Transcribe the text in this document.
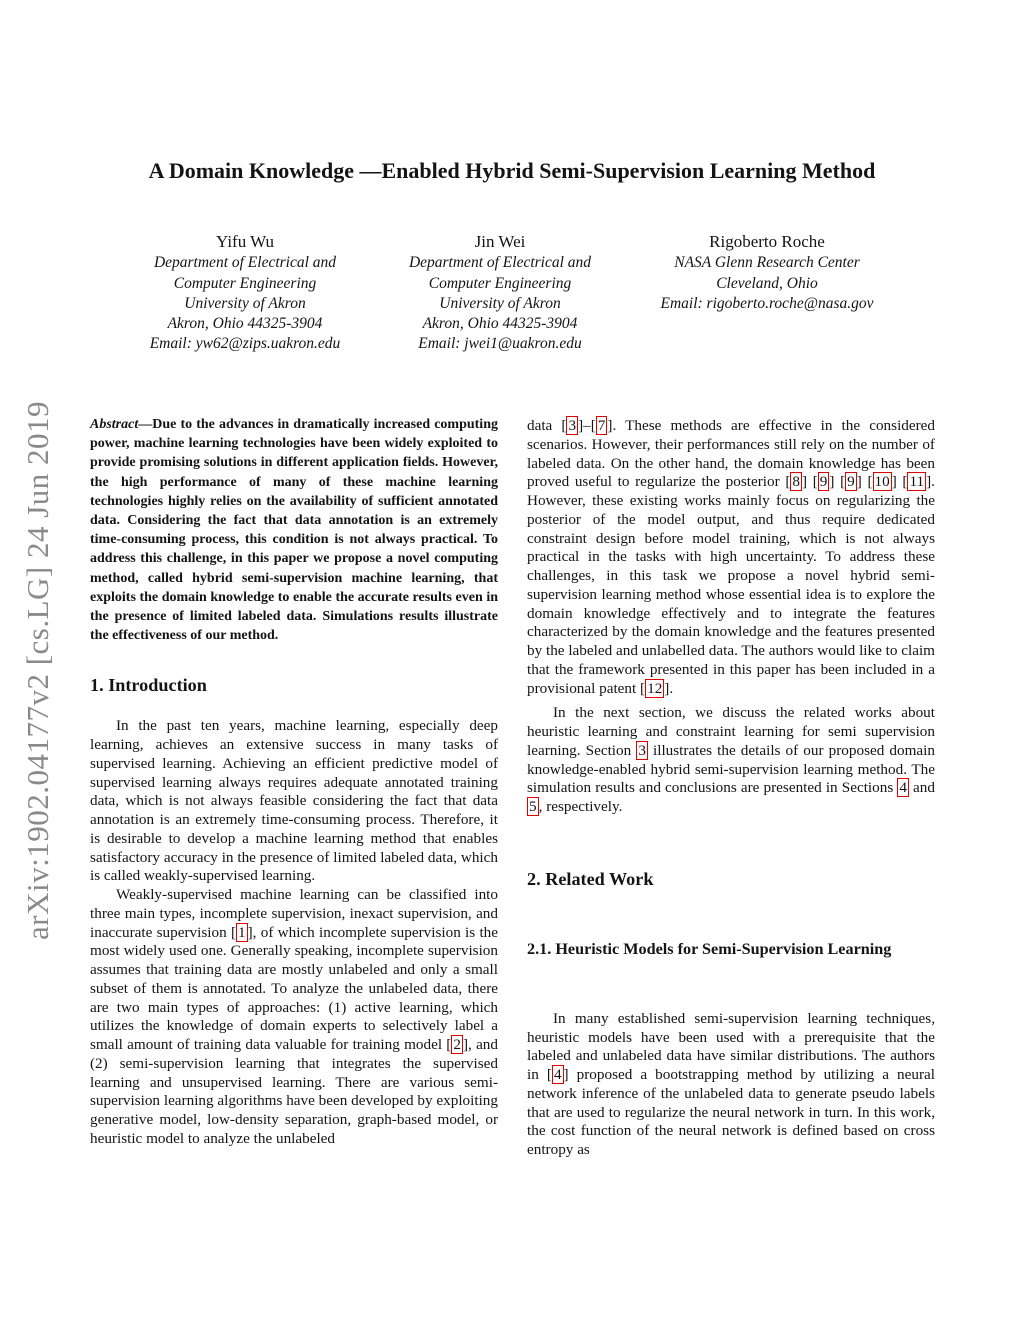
arXiv:1902.04177v2 [cs.LG] 24 Jun 2019
A Domain Knowledge —Enabled Hybrid Semi-Supervision Learning Method
Yifu Wu
Department of Electrical and
Computer Engineering
University of Akron
Akron, Ohio 44325-3904
Email: yw62@zips.uakron.edu
Jin Wei
Department of Electrical and
Computer Engineering
University of Akron
Akron, Ohio 44325-3904
Email: jwei1@uakron.edu
Rigoberto Roche
NASA Glenn Research Center
Cleveland, Ohio
Email: rigoberto.roche@nasa.gov

Abstract—Due to the advances in dramatically increased computing power, machine learning technologies have been widely exploited to provide promising solutions in different application fields. However, the high performance of many of these machine learning technologies highly relies on the availability of sufficient annotated data. Considering the fact that data annotation is an extremely time-consuming process, this condition is not always practical. To address this challenge, in this paper we propose a novel computing method, called hybrid semi-supervision machine learning, that exploits the domain knowledge to enable the accurate results even in the presence of limited labeled data. Simulations results illustrate the effectiveness of our method.

1. Introduction

In the past ten years, machine learning, especially deep learning, achieves an extensive success in many tasks of supervised learning. Achieving an efficient predictive model of supervised learning always requires adequate annotated training data, which is not always feasible considering the fact that data annotation is an extremely time-consuming process. Therefore, it is desirable to develop a machine learning method that enables satisfactory accuracy in the presence of limited labeled data, which is called weakly-supervised learning.

Weakly-supervised machine learning can be classified into three main types, incomplete supervision, inexact supervision, and inaccurate supervision [ 1 ], of which incomplete supervision is the most widely used one. Generally speaking, incomplete supervision assumes that training data are mostly unlabeled and only a small subset of them is annotated. To analyze the unlabeled data, there are two main types of approaches: (1) active learning, which utilizes the knowledge of domain experts to selectively label a small amount of training data valuable for training model [ 2 ], and (2) semi-supervision learning that integrates the supervised learning and unsupervised learning. There are various semi-supervision learning algorithms have been developed by exploiting generative model, low-density separation, graph-based model, or heuristic model to analyze the unlabeled

data [ 3 ]–[ 7 ]. These methods are effective in the considered scenarios. However, their performances still rely on the number of labeled data. On the other hand, the domain knowledge has been proved useful to regularize the posterior [ 8 ] [ 9 ] [ 9 ] [ 10 ] [ 11 ]. However, these existing works mainly focus on regularizing the posterior of the model output, and thus require dedicated constraint design before model training, which is not always practical in the tasks with high uncertainty. To address these challenges, in this task we propose a novel hybrid semi-supervision learning method whose essential idea is to explore the domain knowledge effectively and to integrate the features characterized by the domain knowledge and the features presented by the labeled and unlabelled data. The authors would like to claim that the framework presented in this paper has been included in a provisional patent [ 12 ].

In the next section, we discuss the related works about heuristic learning and constraint learning for semi supervision learning. Section 3 illustrates the details of our proposed domain knowledge-enabled hybrid semi-supervision learning method. The simulation results and conclusions are presented in Sections 4 and 5 , respectively.

2. Related Work
2.1. Heuristic Models for Semi-Supervision Learning

In many established semi-supervision learning techniques, heuristic models have been used with a prerequisite that the labeled and unlabeled data have similar distributions. The authors in [ 4 ] proposed a bootstrapping method by utilizing a neural network inference of the unlabeled data to generate pseudo labels that are used to regularize the neural network in turn. In this work, the cost function of the neural network is defined based on cross entropy as
